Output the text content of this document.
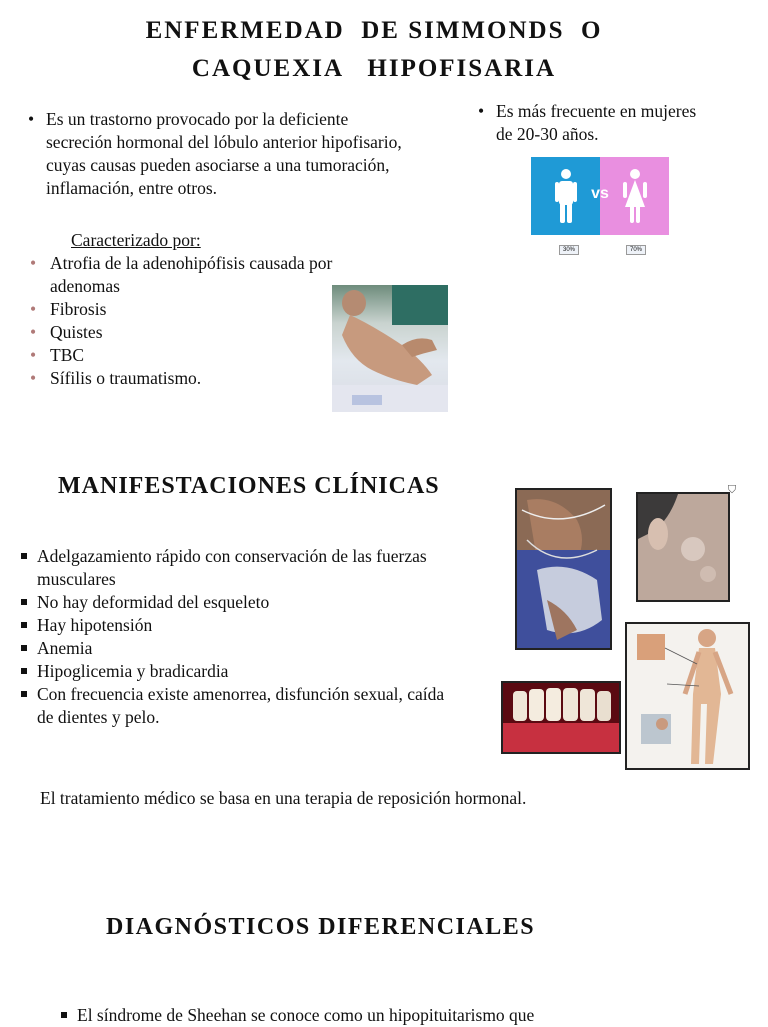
ENFERMEDAD  DE SIMMONDS  O
CAQUEXIA   HIPOFISARIA
• Es un trastorno provocado por la deficiente secreción hormonal del lóbulo anterior hipofisario, cuyas causas pueden asociarse a una tumoración, inflamación, entre otros.
• Es más frecuente en mujeres de 20-30 años.
vs
30%	70%
Caracterizado por:
• Atrofia de la adenohipófisis causada por adenomas
• Fibrosis
• Quistes
• TBC
• Sífilis o traumatismo.
MANIFESTACIONES CLÍNICAS
Adelgazamiento rápido con conservación de las fuerzas musculares
No hay deformidad del esqueleto
Hay hipotensión
Anemia
Hipoglicemia y bradicardia
Con frecuencia existe amenorrea, disfunción sexual, caída de dientes y pelo.
⛉
El tratamiento médico se basa en una terapia de reposición hormonal.
DIAGNÓSTICOS DIFERENCIALES
El síndrome de Sheehan se conoce como un hipopituitarismo que
